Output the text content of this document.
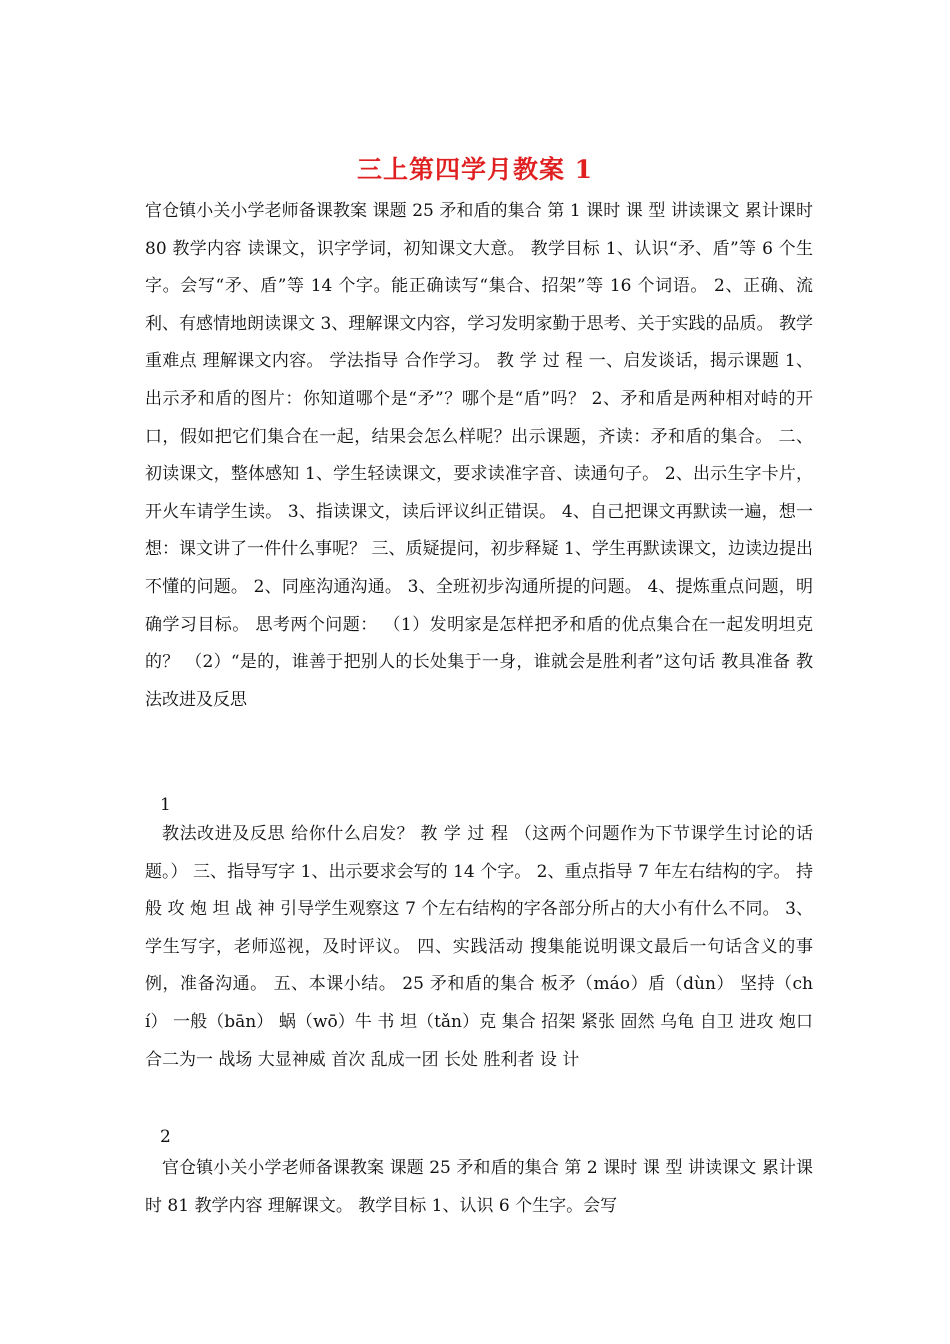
三上第四学月教案 1

官仓镇小关小学老师备课教案 课题 25 矛和盾的集合 第 1 课时 课 型 讲读课文 累计课时 80 教学内容 读课文，识字学词，初知课文大意。 教学目标 1、认识“矛、盾”等 6 个生字。会写“矛、盾”等 14 个字。能正确读写“集合、招架”等 16 个词语。 2、正确、流利、有感情地朗读课文 3、理解课文内容，学习发明家勤于思考、关于实践的品质。 教学重难点 理解课文内容。 学法指导 合作学习。 教 学 过 程 一、启发谈话，揭示课题 1、出示矛和盾的图片：你知道哪个是“矛”？哪个是“盾”吗？ 2、矛和盾是两种相对峙的开口，假如把它们集合在一起，结果会怎么样呢？出示课题，齐读：矛和盾的集合。 二、初读课文，整体感知 1、学生轻读课文，要求读准字音、读通句子。 2、出示生字卡片，开火车请学生读。 3、指读课文，读后评议纠正错误。 4、自己把课文再默读一遍，想一想：课文讲了一件什么事呢？ 三、质疑提问，初步释疑 1、学生再默读课文，边读边提出不懂的问题。 2、同座沟通沟通。 3、全班初步沟通所提的问题。 4、提炼重点问题，明确学习目标。 思考两个问题： （1）发明家是怎样把矛和盾的优点集合在一起发明坦克的？ （2）“是的，谁善于把别人的长处集于一身，谁就会是胜利者”这句话 教具准备 教法改进及反思

1

教法改进及反思 给你什么启发？ 教 学 过 程 （这两个问题作为下节课学生讨论的话题。） 三、指导写字 1、出示要求会写的 14 个字。 2、重点指导 7 年左右结构的字。 持 般 攻 炮 坦 战 神 引导学生观察这 7 个左右结构的字各部分所占的大小有什么不同。 3、学生写字，老师巡视，及时评议。 四、实践活动 搜集能说明课文最后一句话含义的事例，准备沟通。 五、本课小结。 25 矛和盾的集合 板矛（máo）盾（dùn） 坚持（chí） 一般（bān） 蜗（wō）牛 书 坦（tǎn）克 集合 招架 紧张 固然 乌龟 自卫 进攻 炮口 合二为一 战场 大显神威 首次 乱成一团 长处 胜利者 设 计

2

官仓镇小关小学老师备课教案 课题 25 矛和盾的集合 第 2 课时 课 型 讲读课文 累计课时 81 教学内容 理解课文。 教学目标 1、认识 6 个生字。会写
